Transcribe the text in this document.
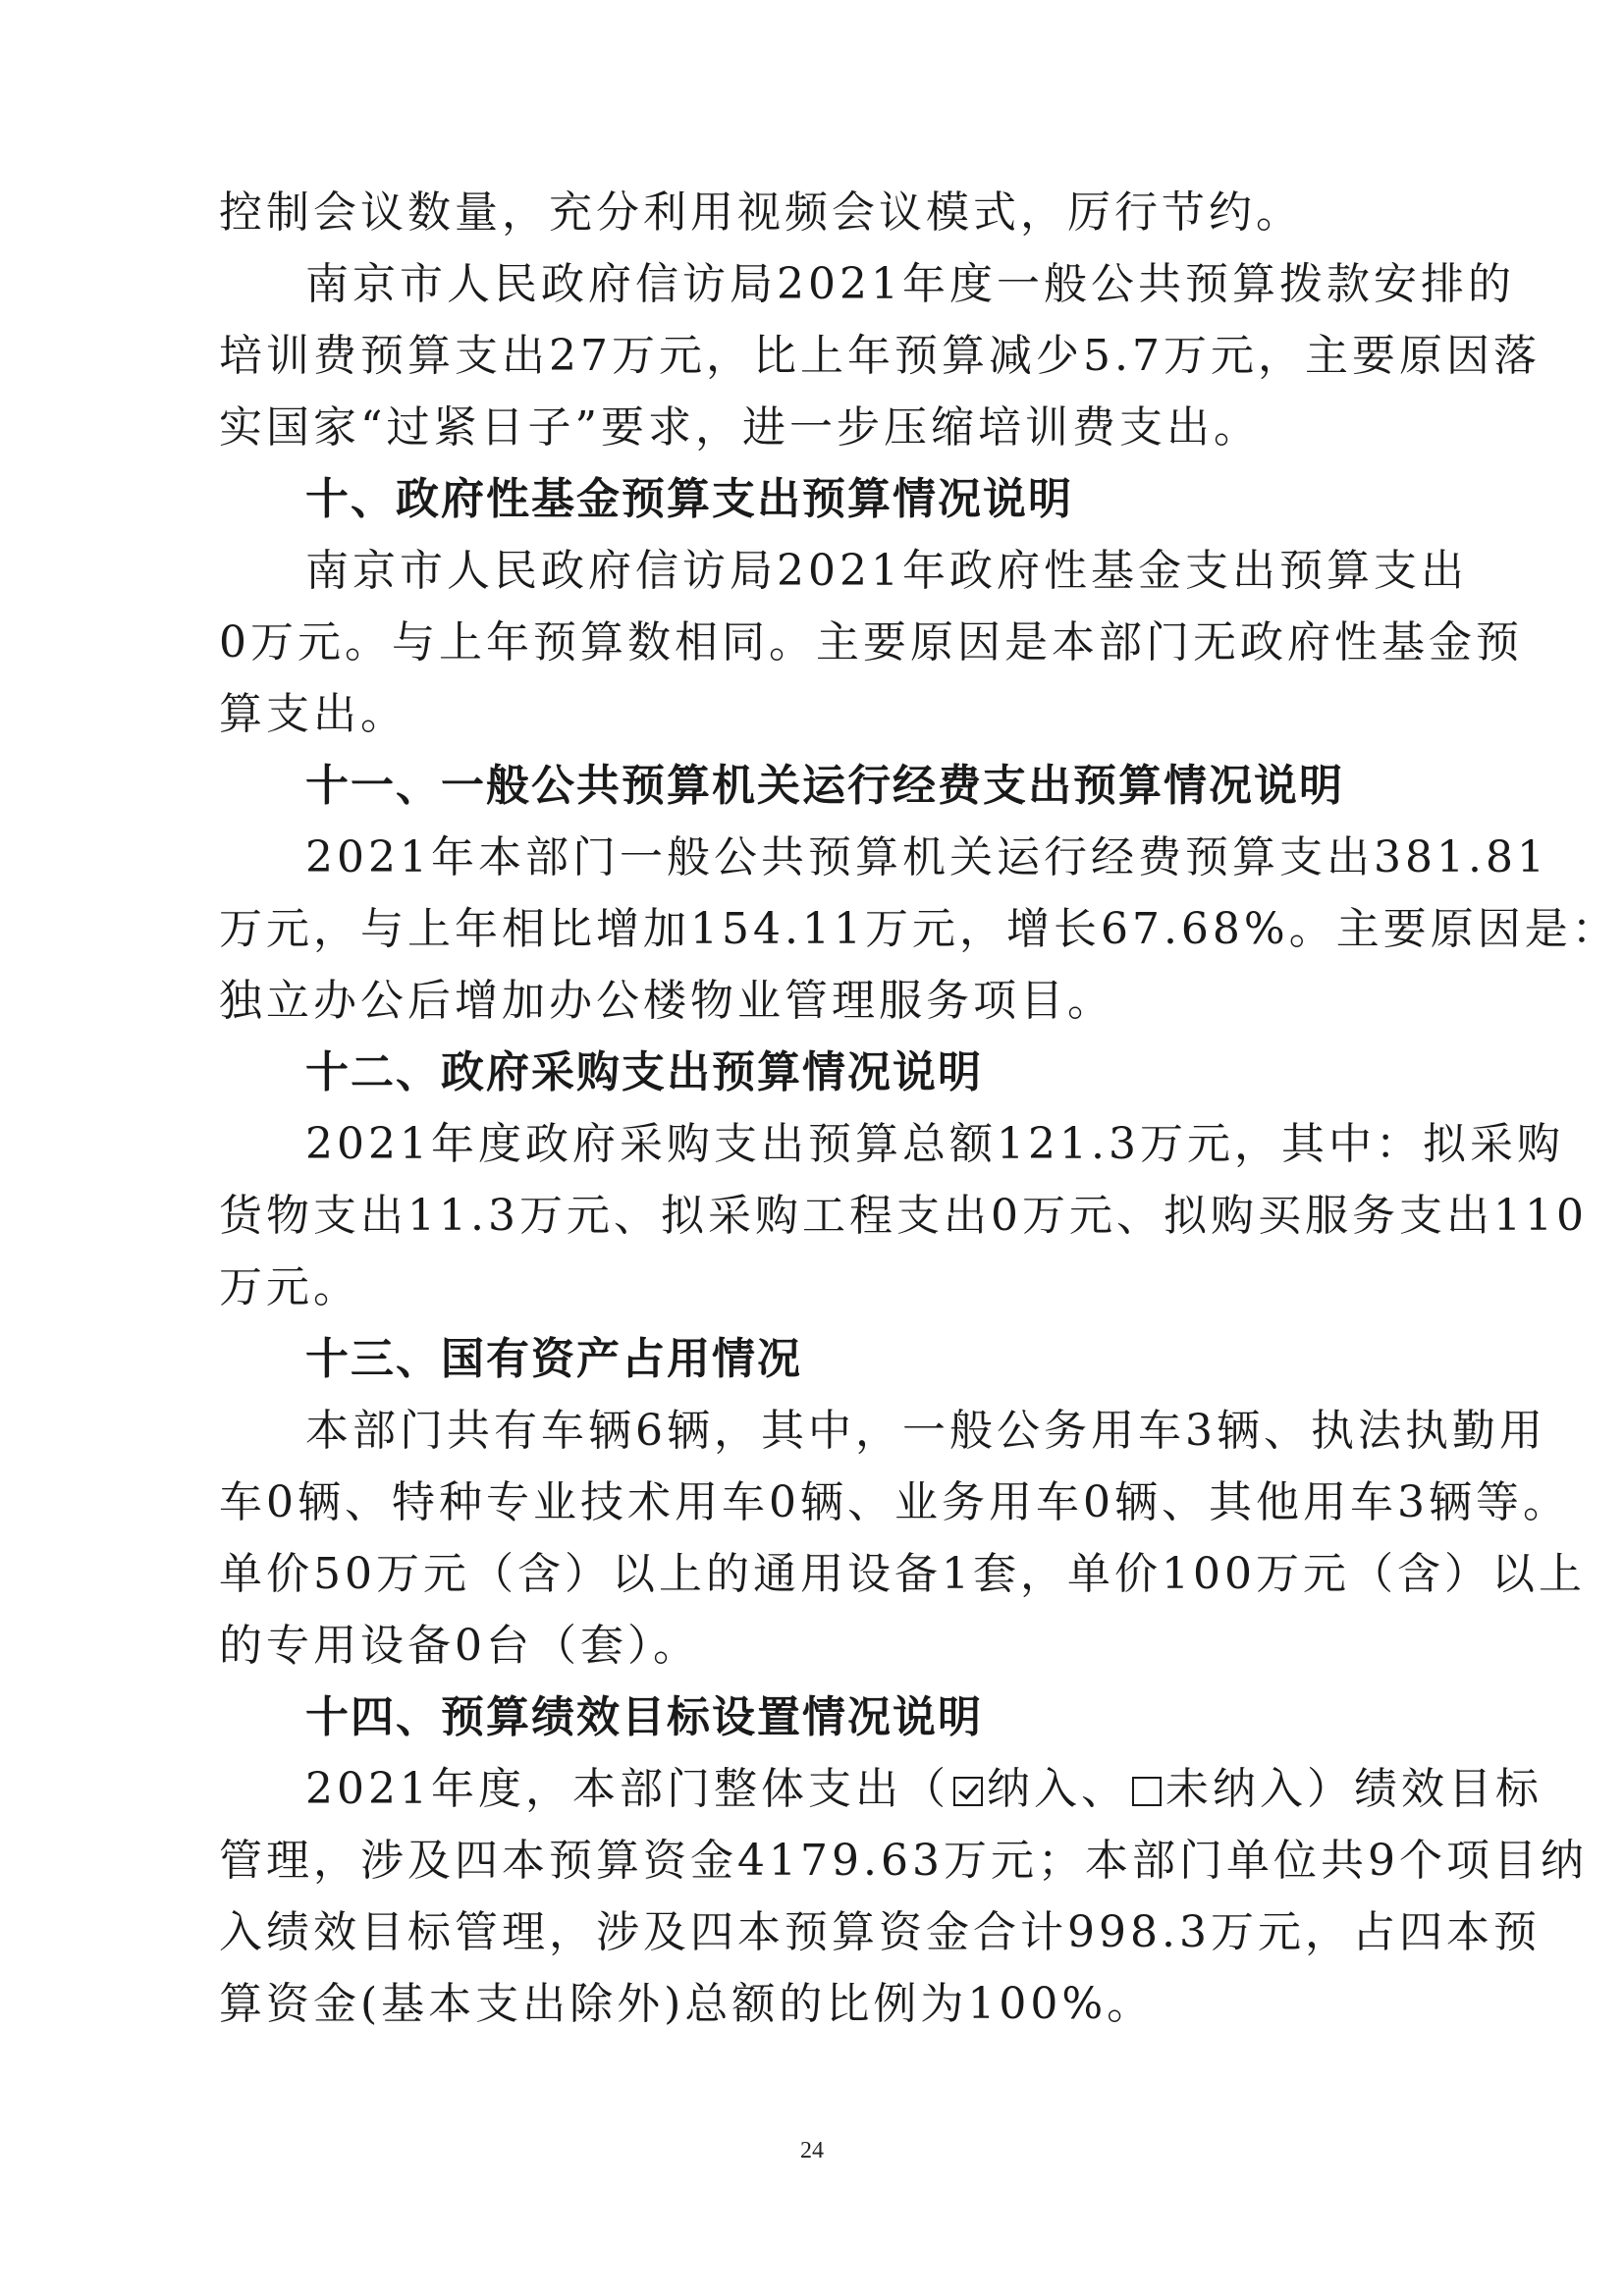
控制会议数量，充分利用视频会议模式，厉行节约。
南京市人民政府信访局2021年度一般公共预算拨款安排的
培训费预算支出27万元，比上年预算减少5.7万元，主要原因落
实国家“过紧日子”要求，进一步压缩培训费支出。
十、政府性基金预算支出预算情况说明
南京市人民政府信访局2021年政府性基金支出预算支出
0万元。与上年预算数相同。主要原因是本部门无政府性基金预
算支出。
十一、一般公共预算机关运行经费支出预算情况说明
2021年本部门一般公共预算机关运行经费预算支出381.81
万元，与上年相比增加154.11万元，增长67.68%。主要原因是：
独立办公后增加办公楼物业管理服务项目。
十二、政府采购支出预算情况说明
2021年度政府采购支出预算总额121.3万元，其中：拟采购
货物支出11.3万元、拟采购工程支出0万元、拟购买服务支出110
万元。
十三、国有资产占用情况
本部门共有车辆6辆，其中，一般公务用车3辆、执法执勤用
车0辆、特种专业技术用车0辆、业务用车0辆、其他用车3辆等。
单价50万元（含）以上的通用设备1套，单价100万元（含）以上
的专用设备0台（套）。
十四、预算绩效目标设置情况说明
2021年度，本部门整体支出（ 纳入、 未纳入）绩效目标
管理，涉及四本预算资金4179.63万元；本部门单位共9个项目纳
入绩效目标管理，涉及四本预算资金合计998.3万元，占四本预
算资金(基本支出除外)总额的比例为100%。
24
